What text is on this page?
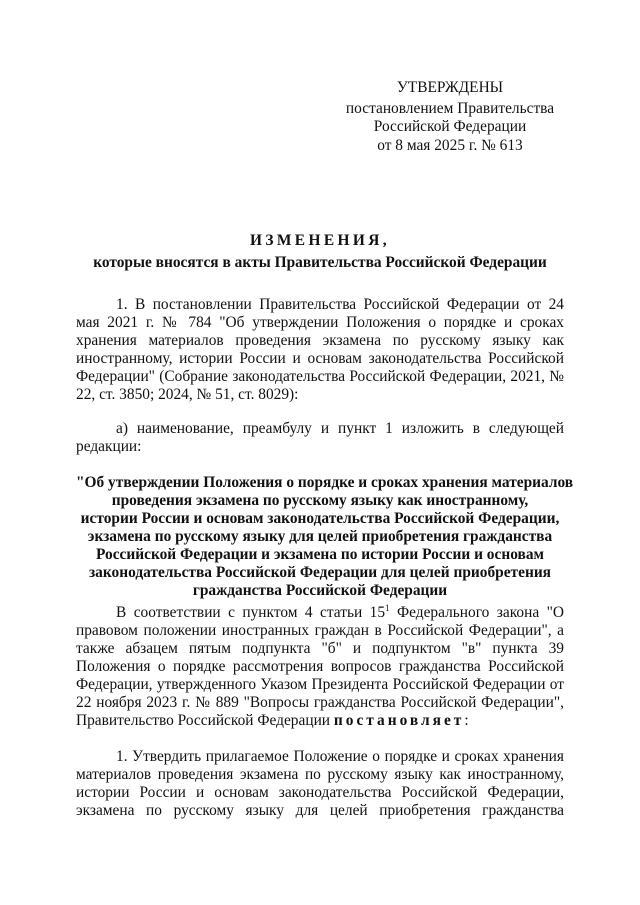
УТВЕРЖДЕНЫ
постановлением Правительства
Российской Федерации
от 8 мая 2025 г. № 613
ИЗМЕНЕНИЯ,
которые вносятся в акты Правительства Российской Федерации
1. В постановлении Правительства Российской Федерации от 24 мая 2021 г. № 784 "Об утверждении Положения о порядке и сроках хранения материалов проведения экзамена по русскому языку как иностранному, истории России и основам законодательства Российской Федерации" (Собрание законодательства Российской Федерации, 2021, № 22, ст. 3850; 2024, № 51, ст. 8029):
а) наименование, преамбулу и пункт 1 изложить в следующей редакции:
"Об утверждении Положения о порядке и сроках хранения материалов
проведения экзамена по русскому языку как иностранному,
истории России и основам законодательства Российской Федерации,
экзамена по русскому языку для целей приобретения гражданства
Российской Федерации и экзамена по истории России и основам
законодательства Российской Федерации для целей приобретения
гражданства Российской Федерации
В соответствии с пунктом 4 статьи $15^1$ Федерального закона "О правовом положении иностранных граждан в Российской Федерации", а также абзацем пятым подпункта "б" и подпунктом "в" пункта 39 Положения о порядке рассмотрения вопросов гражданства Российской Федерации, утвержденного Указом Президента Российской Федерации от 22 ноября 2023 г. № 889 "Вопросы гражданства Российской Федерации", Правительство Российской Федерации постановляет:
1. Утвердить прилагаемое Положение о порядке и сроках хранения материалов проведения экзамена по русскому языку как иностранному, истории России и основам законодательства Российской Федерации, экзамена по русскому языку для целей приобретения гражданства
